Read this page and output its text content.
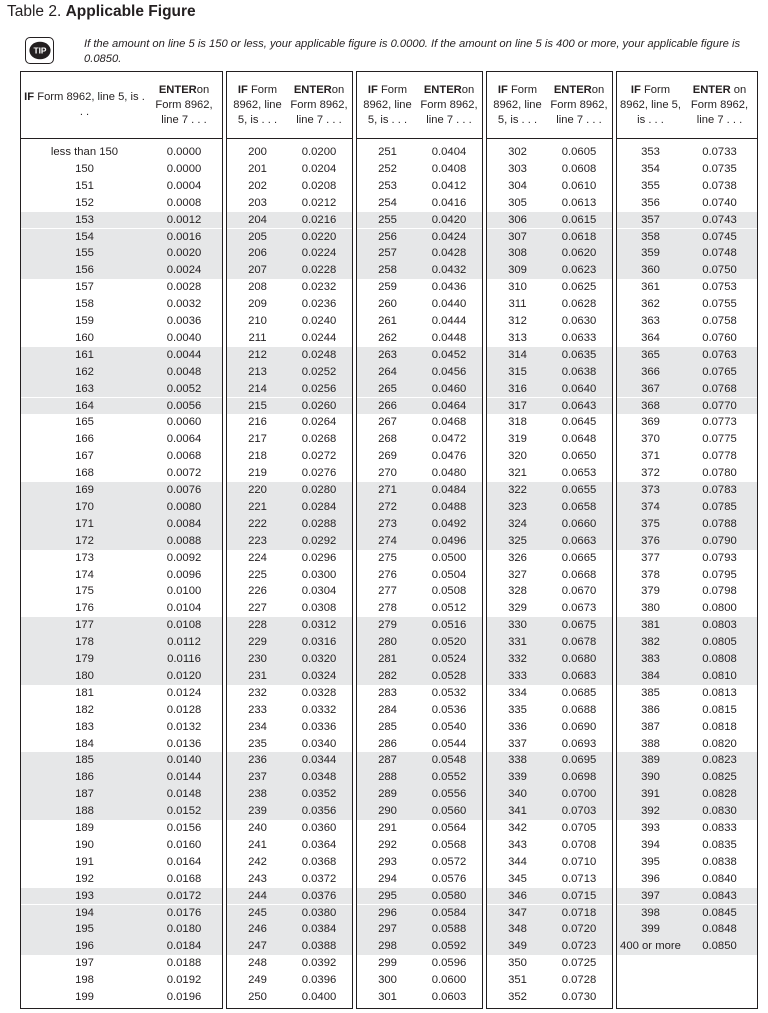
Table 2. Applicable Figure
TIP
If the amount on line 5 is 150 or less, your applicable figure is 0.0000. If the amount on line 5 is 400 or more, your applicable figure is 0.0850.
IF Form 8962, line 5, is . . .
ENTERon Form 8962, line 7 . . .
less than 150	0.0000
150	0.0000
151	0.0004
152	0.0008
153	0.0012
154	0.0016
155	0.0020
156	0.0024
157	0.0028
158	0.0032
159	0.0036
160	0.0040
161	0.0044
162	0.0048
163	0.0052
164	0.0056
165	0.0060
166	0.0064
167	0.0068
168	0.0072
169	0.0076
170	0.0080
171	0.0084
172	0.0088
173	0.0092
174	0.0096
175	0.0100
176	0.0104
177	0.0108
178	0.0112
179	0.0116
180	0.0120
181	0.0124
182	0.0128
183	0.0132
184	0.0136
185	0.0140
186	0.0144
187	0.0148
188	0.0152
189	0.0156
190	0.0160
191	0.0164
192	0.0168
193	0.0172
194	0.0176
195	0.0180
196	0.0184
197	0.0188
198	0.0192
199	0.0196
IF Form 8962, line 5, is . . .
ENTERon Form 8962, line 7 . . .
200	0.0200
201	0.0204
202	0.0208
203	0.0212
204	0.0216
205	0.0220
206	0.0224
207	0.0228
208	0.0232
209	0.0236
210	0.0240
211	0.0244
212	0.0248
213	0.0252
214	0.0256
215	0.0260
216	0.0264
217	0.0268
218	0.0272
219	0.0276
220	0.0280
221	0.0284
222	0.0288
223	0.0292
224	0.0296
225	0.0300
226	0.0304
227	0.0308
228	0.0312
229	0.0316
230	0.0320
231	0.0324
232	0.0328
233	0.0332
234	0.0336
235	0.0340
236	0.0344
237	0.0348
238	0.0352
239	0.0356
240	0.0360
241	0.0364
242	0.0368
243	0.0372
244	0.0376
245	0.0380
246	0.0384
247	0.0388
248	0.0392
249	0.0396
250	0.0400
IF Form 8962, line 5, is . . .
ENTERon Form 8962, line 7 . . .
251	0.0404
252	0.0408
253	0.0412
254	0.0416
255	0.0420
256	0.0424
257	0.0428
258	0.0432
259	0.0436
260	0.0440
261	0.0444
262	0.0448
263	0.0452
264	0.0456
265	0.0460
266	0.0464
267	0.0468
268	0.0472
269	0.0476
270	0.0480
271	0.0484
272	0.0488
273	0.0492
274	0.0496
275	0.0500
276	0.0504
277	0.0508
278	0.0512
279	0.0516
280	0.0520
281	0.0524
282	0.0528
283	0.0532
284	0.0536
285	0.0540
286	0.0544
287	0.0548
288	0.0552
289	0.0556
290	0.0560
291	0.0564
292	0.0568
293	0.0572
294	0.0576
295	0.0580
296	0.0584
297	0.0588
298	0.0592
299	0.0596
300	0.0600
301	0.0603
IF Form 8962, line 5, is . . .
ENTERon Form 8962, line 7 . . .
302	0.0605
303	0.0608
304	0.0610
305	0.0613
306	0.0615
307	0.0618
308	0.0620
309	0.0623
310	0.0625
311	0.0628
312	0.0630
313	0.0633
314	0.0635
315	0.0638
316	0.0640
317	0.0643
318	0.0645
319	0.0648
320	0.0650
321	0.0653
322	0.0655
323	0.0658
324	0.0660
325	0.0663
326	0.0665
327	0.0668
328	0.0670
329	0.0673
330	0.0675
331	0.0678
332	0.0680
333	0.0683
334	0.0685
335	0.0688
336	0.0690
337	0.0693
338	0.0695
339	0.0698
340	0.0700
341	0.0703
342	0.0705
343	0.0708
344	0.0710
345	0.0713
346	0.0715
347	0.0718
348	0.0720
349	0.0723
350	0.0725
351	0.0728
352	0.0730
IF Form 8962, line 5, is . . .
ENTER on Form 8962, line 7 . . .
353	0.0733
354	0.0735
355	0.0738
356	0.0740
357	0.0743
358	0.0745
359	0.0748
360	0.0750
361	0.0753
362	0.0755
363	0.0758
364	0.0760
365	0.0763
366	0.0765
367	0.0768
368	0.0770
369	0.0773
370	0.0775
371	0.0778
372	0.0780
373	0.0783
374	0.0785
375	0.0788
376	0.0790
377	0.0793
378	0.0795
379	0.0798
380	0.0800
381	0.0803
382	0.0805
383	0.0808
384	0.0810
385	0.0813
386	0.0815
387	0.0818
388	0.0820
389	0.0823
390	0.0825
391	0.0828
392	0.0830
393	0.0833
394	0.0835
395	0.0838
396	0.0840
397	0.0843
398	0.0845
399	0.0848
400 or more	0.0850
